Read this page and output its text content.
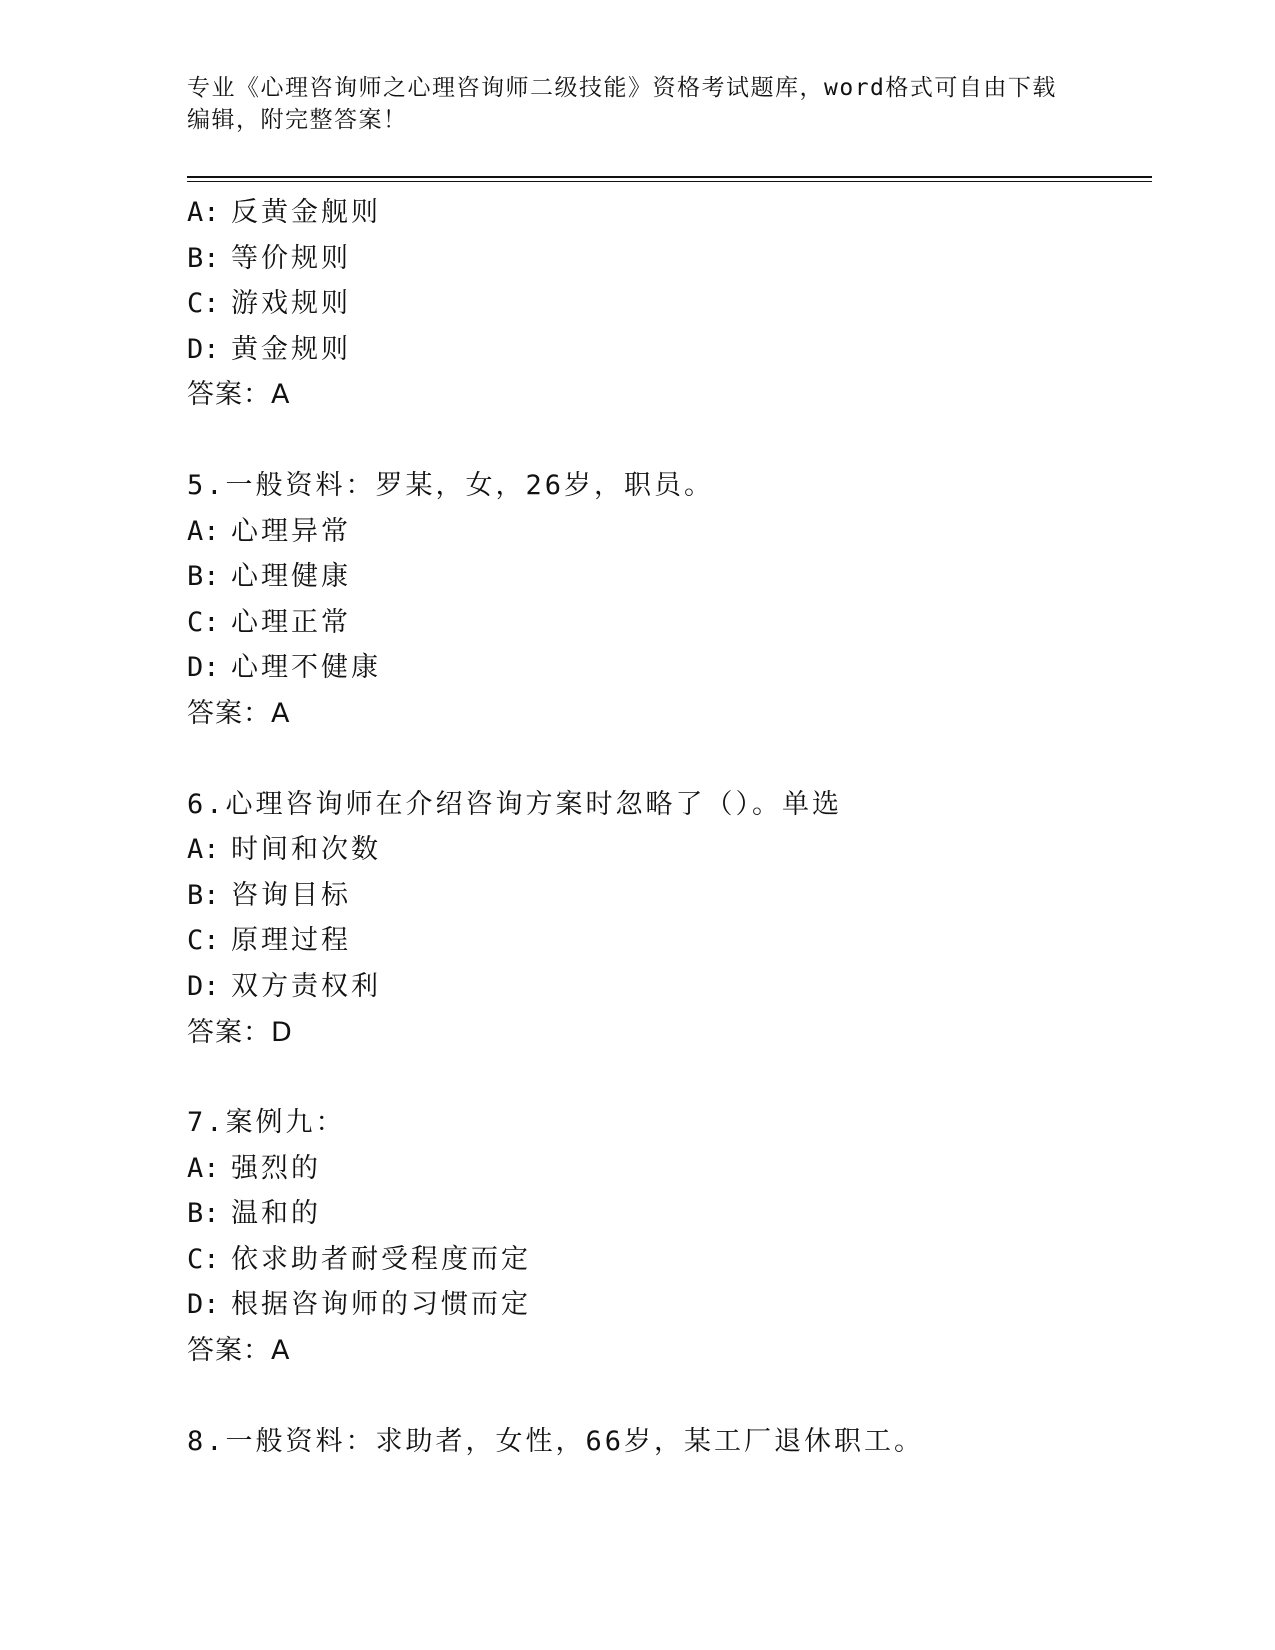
专业《心理咨询师之心理咨询师二级技能》资格考试题库，word格式可自由下载
编辑，附完整答案！
A: 反黄金舰则
B: 等价规则
C: 游戏规则
D: 黄金规则
答案：A
5.一般资料：罗某，女，26岁，职员。
A: 心理异常
B: 心理健康
C: 心理正常
D: 心理不健康
答案：A
6.心理咨询师在介绍咨询方案时忽略了（）。单选
A: 时间和次数
B: 咨询目标
C: 原理过程
D: 双方责权利
答案：D
7.案例九：
A: 强烈的
B: 温和的
C: 依求助者耐受程度而定
D: 根据咨询师的习惯而定
答案：A
8.一般资料：求助者，女性，66岁，某工厂退休职工。
